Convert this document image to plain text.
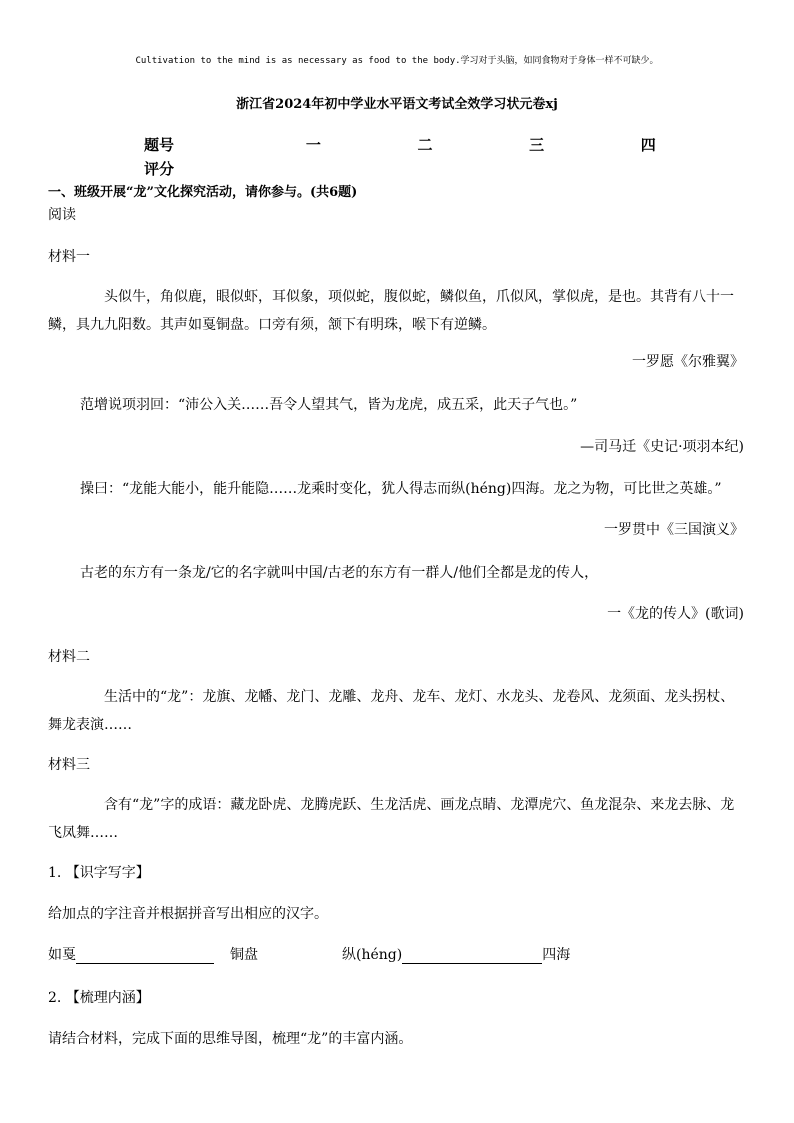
Cultivation to the mind is as necessary as food to the body.学习对于头脑，如同食物对于身体一样不可缺少。
浙江省2024年初中学业水平语文考试全效学习状元卷xj
题号	一	二	三	四
评分
一、班级开展“龙”文化探究活动，请你参与。(共6题)
阅读
材料一
头似牛，角似鹿，眼似虾，耳似象，项似蛇，腹似蛇，鳞似鱼，爪似风，掌似虎，是也。其背有八十一鳞，具九九阳数。其声如戛铜盘。口旁有须，颔下有明珠，喉下有逆鳞。
一罗愿《尔雅翼》
范增说项羽回：“沛公入关……吾令人望其气，皆为龙虎，成五采，此天子气也。”
—司马迁《史记·项羽本纪)
操曰：“龙能大能小，能升能隐……龙乘时变化，犹人得志而纵(héng)四海。龙之为物，可比世之英雄。”
一罗贯中《三国演义》
古老的东方有一条龙/它的名字就叫中国/古老的东方有一群人/他们全都是龙的传人，
一《龙的传人》(歌词)
材料二
生活中的“龙”：龙旗、龙幡、龙门、龙雕、龙舟、龙车、龙灯、水龙头、龙卷风、龙须面、龙头拐杖、舞龙表演……
材料三
含有“龙”字的成语：藏龙卧虎、龙腾虎跃、生龙活虎、画龙点睛、龙潭虎穴、鱼龙混杂、来龙去脉、龙飞凤舞……
1. 【识字写字】
给加点的字注音并根据拼音写出相应的汉字。
如戛	铜盘	纵(héng)	四海
2. 【梳理内涵】
请结合材料，完成下面的思维导图，梳理“龙”的丰富内涵。
